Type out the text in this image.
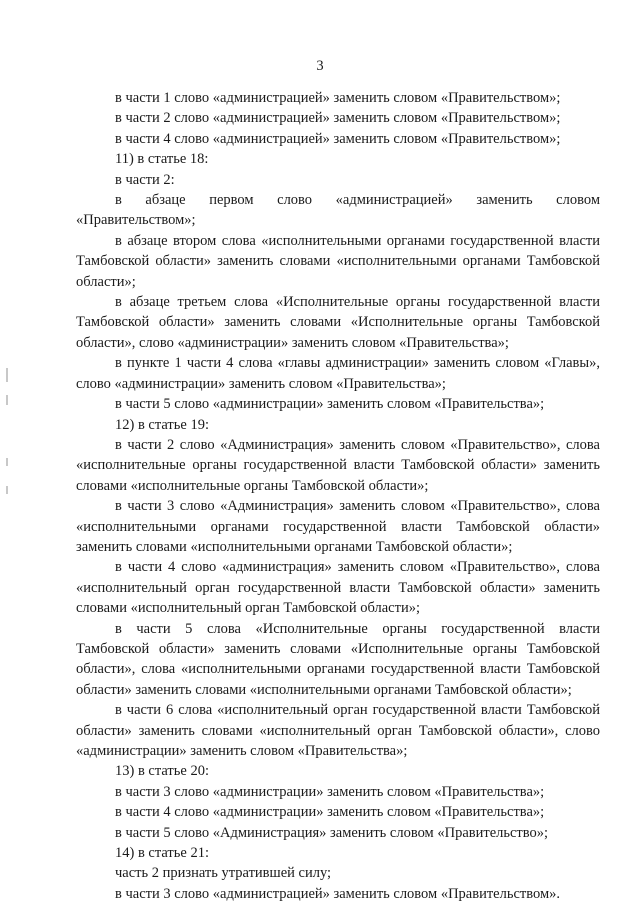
3

в части 1 слово «администрацией» заменить словом «Правительством»;

в части 2 слово «администрацией» заменить словом «Правительством»;

в части 4 слово «администрацией» заменить словом «Правительством»;

11) в статье 18:

в части 2:

в абзаце первом слово «администрацией» заменить словом «Правительством»;

в абзаце втором слова «исполнительными органами государственной власти Тамбовской области» заменить словами «исполнительными органами Тамбовской области»;

в абзаце третьем слова «Исполнительные органы государственной власти Тамбовской области» заменить словами «Исполнительные органы Тамбовской области», слово «администрации» заменить словом «Правительства»;

в пункте 1 части 4 слова «главы администрации» заменить словом «Главы», слово «администрации» заменить словом «Правительства»;

в части 5 слово «администрации» заменить словом «Правительства»;

12) в статье 19:

в части 2 слово «Администрация» заменить словом «Правительство», слова «исполнительные органы государственной власти Тамбовской области» заменить словами «исполнительные органы Тамбовской области»;

в части 3 слово «Администрация» заменить словом «Правительство», слова «исполнительными органами государственной власти Тамбовской области» заменить словами «исполнительными органами Тамбовской области»;

в части 4 слово «администрация» заменить словом «Правительство», слова «исполнительный орган государственной власти Тамбовской области» заменить словами «исполнительный орган Тамбовской области»;

в части 5 слова «Исполнительные органы государственной власти Тамбовской области» заменить словами «Исполнительные органы Тамбовской области», слова «исполнительными органами государственной власти Тамбовской области» заменить словами «исполнительными органами Тамбовской области»;

в части 6 слова «исполнительный орган государственной власти Тамбовской области» заменить словами «исполнительный орган Тамбовской области», слово «администрации» заменить словом «Правительства»;

13) в статье 20:

в части 3 слово «администрации» заменить словом «Правительства»;

в части 4 слово «администрации» заменить словом «Правительства»;

в части 5 слово «Администрация» заменить словом «Правительство»;

14) в статье 21:

часть 2 признать утратившей силу;

в части 3 слово «администрацией» заменить словом «Правительством».
